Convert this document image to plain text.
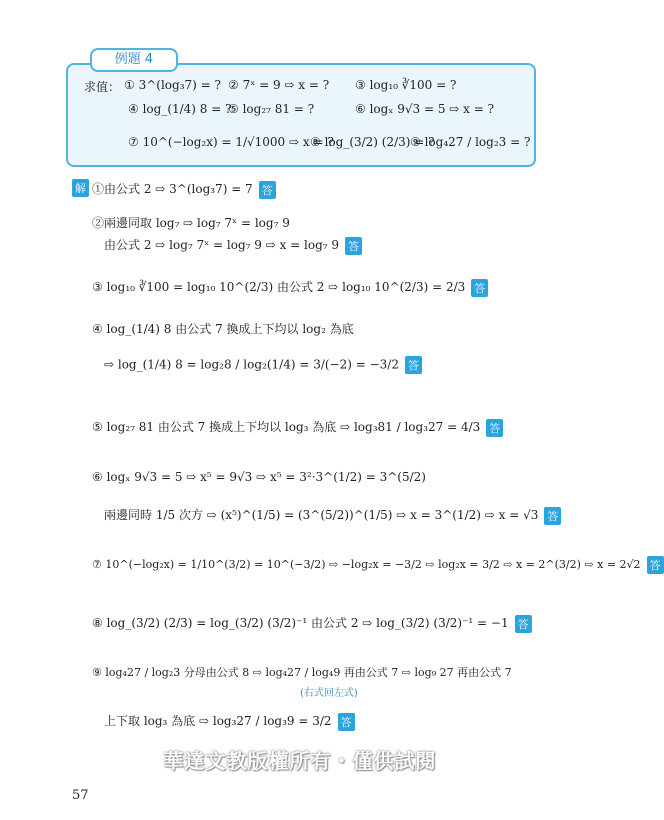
例題 4
求值： ① 3^(log₃7) = ? ② 7ˣ = 9 ⇨ x = ? ③ log₁₀ ∛100 = ?
④ log_(1/4) 8 = ?
⑤ log₂₇ 81 = ?	⑥ logₓ 9√3 = 5 ⇨ x = ?
⑦ 10^(−log₂x) = 1/√1000 ⇨ x = ?
⑧ log_(3/2) (2/3) = ?
⑨ log₄27 / log₂3 = ?
解 ①由公式 2 ⇨ 3^(log₃7) = 7 答
②兩邊同取 log₇ ⇨ log₇ 7ˣ = log₇ 9
由公式 2 ⇨ log₇ 7ˣ = log₇ 9 ⇨ x = log₇ 9 答
③ log₁₀ ∛100 = log₁₀ 10^(2/3) 由公式 2 ⇨ log₁₀ 10^(2/3) = 2/3 答
④ log_(1/4) 8 由公式 7 換成上下均以 log₂ 為底
⇨ log_(1/4) 8 = log₂8 / log₂(1/4) = 3/(−2) = −3/2 答
⑤ log₂₇ 81 由公式 7 換成上下均以 log₃ 為底 ⇨ log₃81 / log₃27 = 4/3 答
⑥ logₓ 9√3 = 5 ⇨ x⁵ = 9√3 ⇨ x⁵ = 3²·3^(1/2) = 3^(5/2)
兩邊同時 1/5 次方 ⇨ (x⁵)^(1/5) = (3^(5/2))^(1/5) ⇨ x = 3^(1/2) ⇨ x = √3 答
⑦ 10^(−log₂x) = 1/10^(3/2) = 10^(−3/2) ⇨ −log₂x = −3/2 ⇨ log₂x = 3/2 ⇨ x = 2^(3/2) ⇨ x = 2√2 答
⑧ log_(3/2) (2/3) = log_(3/2) (3/2)⁻¹ 由公式 2 ⇨ log_(3/2) (3/2)⁻¹ = −1 答
⑨ log₄27 / log₂3 分母由公式 8 ⇨ log₄27 / log₄9 再由公式 7 ⇨ log₉ 27 再由公式 7
(右式回左式)
上下取 log₃ 為底 ⇨ log₃27 / log₃9 = 3/2 答
華達文教版權所有・僅供試閱
57
